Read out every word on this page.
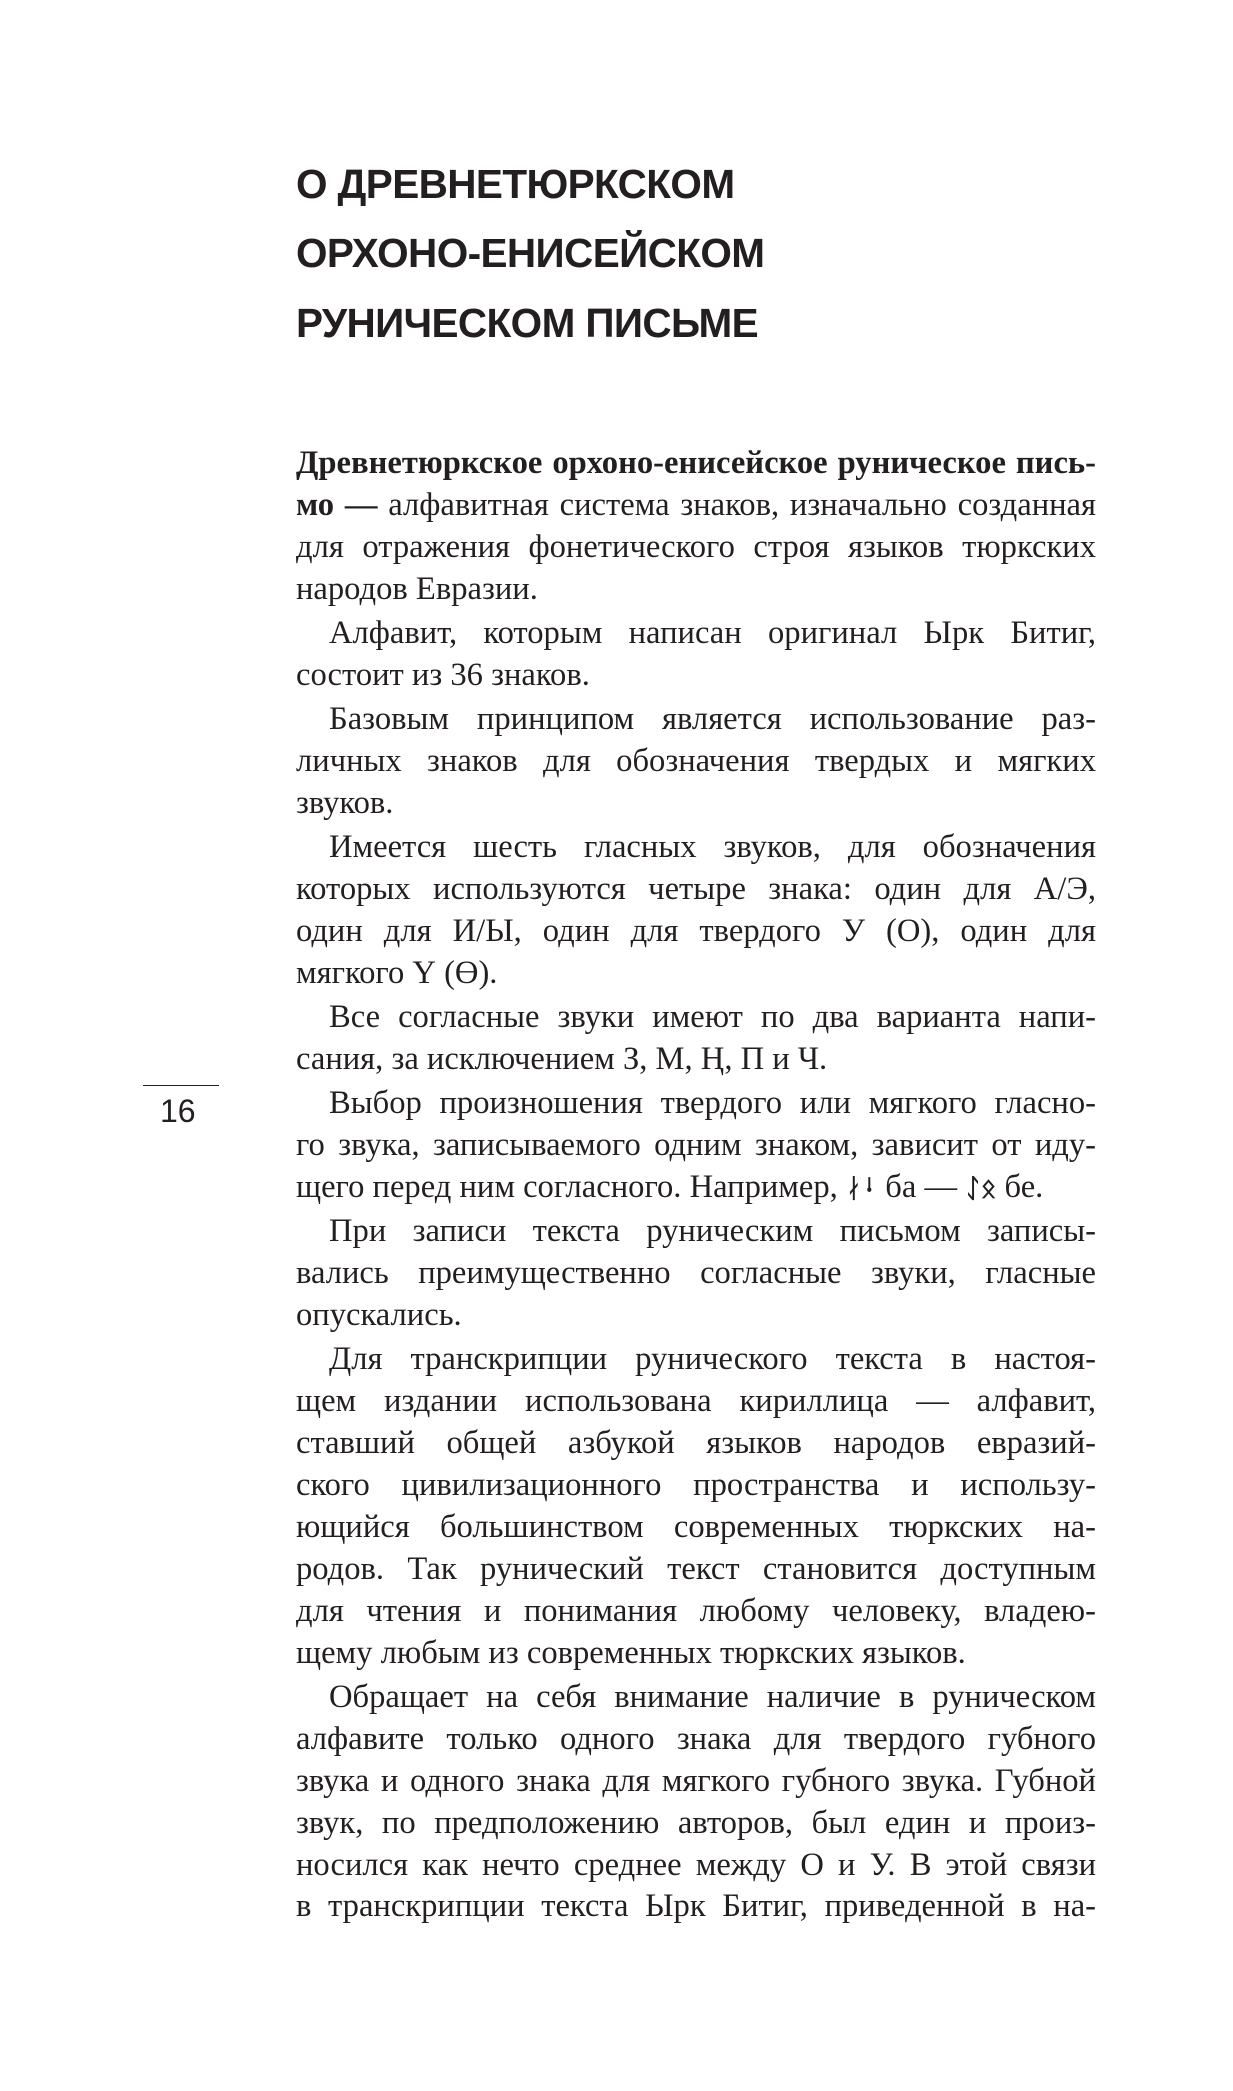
О ДРЕВНЕТЮРКСКОМ
ОРХОНО-ЕНИСЕЙСКОМ
РУНИЧЕСКОМ ПИСЬМЕ
16

Древнетюркское орхоно-енисейское руническое пись-
мо — алфавитная система знаков, изначально созданная
для отражения фонетического строя языков тюркских
народов Евразии.

Алфавит, которым написан оригинал Ырк Битиг,
состоит из 36 знаков.

Базовым принципом является использование раз-
личных знаков для обозначения твердых и мягких
звуков.

Имеется шесть гласных звуков, для обозначения
которых используются четыре знака: один для А/Э,
один для И/Ы, один для твердого У (О), один для
мягкого Ү (Ө).

Все согласные звуки имеют по два варианта напи-
сания, за исключением З, М, Ң, П и Ч.

Выбор произношения твердого или мягкого гласно-
го звука, записываемого одним знаком, зависит от иду-
щего перед ним согласного. Например, ᛅᛍ ба — ᛇᛟ бе.

При записи текста руническим письмом записы-
вались преимущественно согласные звуки, гласные
опускались.

Для транскрипции рунического текста в настоя-
щем издании использована кириллица — алфавит,
ставший общей азбукой языков народов евразий-
ского цивилизационного пространства и использу-
ющийся большинством современных тюркских на-
родов. Так рунический текст становится доступным
для чтения и понимания любому человеку, владею-
щему любым из современных тюркских языков.

Обращает на себя внимание наличие в руническом
алфавите только одного знака для твердого губного
звука и одного знака для мягкого губного звука. Губной
звук, по предположению авторов, был един и произ-
носился как нечто среднее между О и У. В этой связи
в транскрипции текста Ырк Битиг, приведенной в на-
